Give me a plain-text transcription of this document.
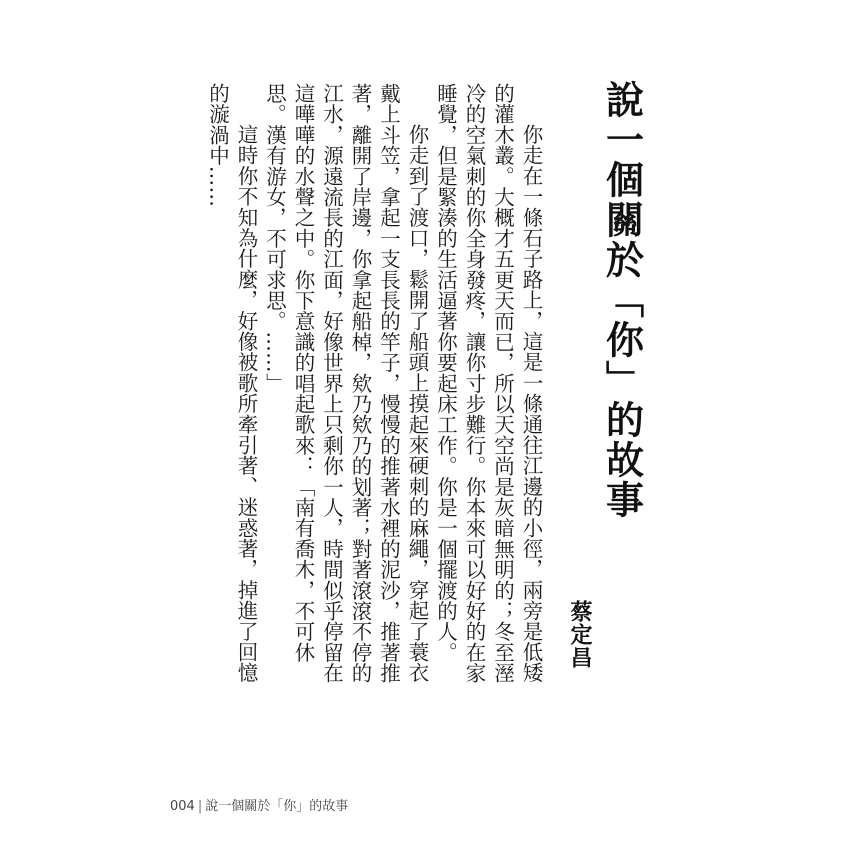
說一個關於「你」的故事
蔡定昌

你走在一條石子路上，這是一條通往江邊的小徑，兩旁是低矮的灌木叢。大概才五更天而已，所以天空尚是灰暗無明的；冬至溼冷的空氣刺的你全身發疼，讓你寸步難行。你本來可以好好的在家睡覺，但是緊湊的生活逼著你要起床工作。你是一個擺渡的人。

你走到了渡口，鬆開了船頭上摸起來硬刺的麻繩，穿起了蓑衣戴上斗笠，拿起一支長長的竿子，慢慢的推著水裡的泥沙，推著推著，離開了岸邊，你拿起船棹，欸乃欸乃的划著；對著滾滾不停的江水，源遠流長的江面，好像世界上只剩你一人，時間似乎停留在這嘩嘩的水聲之中。你下意識的唱起歌來：「南有喬木，不可休思。漢有游女，不可求思。……」

這時你不知為什麼，好像被歌所牽引著、迷惑著，掉進了回憶的漩渦中……

004 | 說一個關於「你」的故事
